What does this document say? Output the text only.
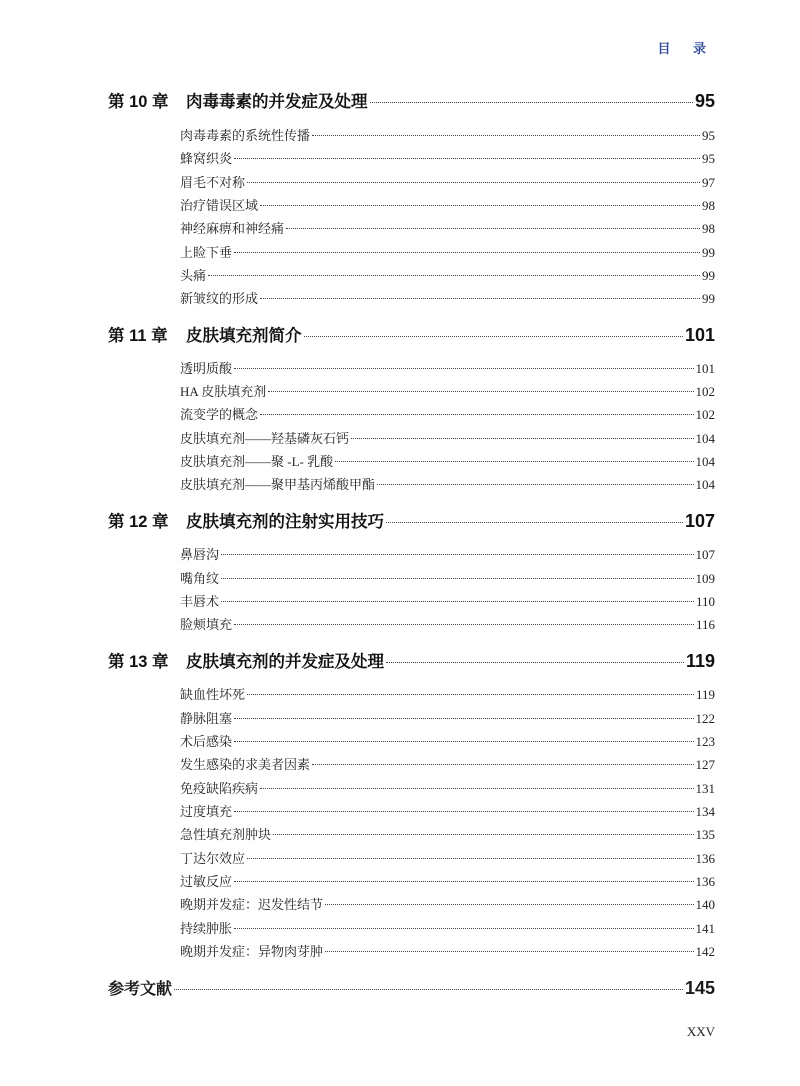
目 录
第 10 章	肉毒毒素的并发症及处理	95
肉毒毒素的系统性传播	95
蜂窝织炎	95
眉毛不对称	97
治疗错误区域	98
神经麻痹和神经痛	98
上睑下垂	99
头痛	99
新皱纹的形成	99
第 11 章	皮肤填充剂简介	101
透明质酸	101
HA 皮肤填充剂	102
流变学的概念	102
皮肤填充剂——羟基磷灰石钙	104
皮肤填充剂——聚 -L- 乳酸	104
皮肤填充剂——聚甲基丙烯酸甲酯	104
第 12 章	皮肤填充剂的注射实用技巧	107
鼻唇沟	107
嘴角纹	109
丰唇术	110
脸颊填充	116
第 13 章	皮肤填充剂的并发症及处理	119
缺血性坏死	119
静脉阻塞	122
术后感染	123
发生感染的求美者因素	127
免疫缺陷疾病	131
过度填充	134
急性填充剂肿块	135
丁达尔效应	136
过敏反应	136
晚期并发症：迟发性结节	140
持续肿胀	141
晚期并发症：异物肉芽肿	142
参考文献	145
XXV
